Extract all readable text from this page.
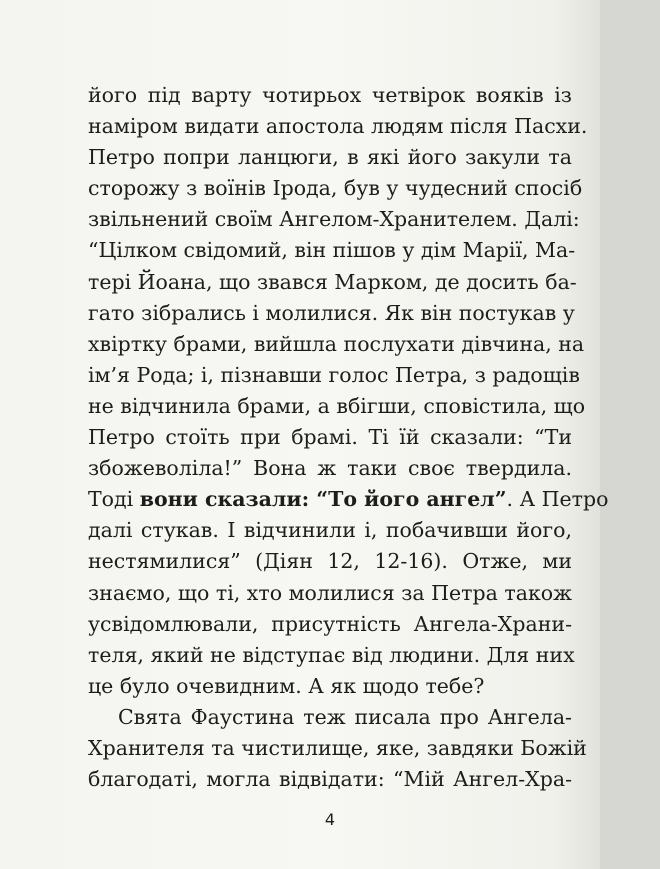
його під варту чотирьох четвірок вояків із
наміром видати апостола людям після Пасхи.
Петро попри ланцюги, в які його закули та
сторожу з воїнів Ірода, був у чудесний спосіб
звільнений своїм Ангелом-Хранителем. Далі:
“Цілком свідомий, він пішов у дім Марії, Ма-
тері Йоана, що звався Марком, де досить ба-
гато зібрались і молилися. Як він постукав у
хвіртку брами, вийшла послухати дівчина, на
ім’я Рода; і, пізнавши голос Петра, з радощів
не відчинила брами, а вбігши, сповістила, що
Петро стоїть при брамі. Ті їй сказали: “Ти
збожеволіла!” Вона ж таки своє твердила.
Тоді вони сказали: “То його ангел”. А Петро
далі стукав. І відчинили і, побачивши його,
нестямилися” (Діян 12, 12-16). Отже, ми
знаємо, що ті, хто молилися за Петра також
усвідомлювали, присутність Ангела-Храни-
теля, який не відступає від людини. Для них
це було очевидним. А як щодо тебе?
Свята Фаустина теж писала про Ангела-
Хранителя та чистилище, яке, завдяки Божій
благодаті, могла відвідати: “Мій Ангел-Хра-
4
